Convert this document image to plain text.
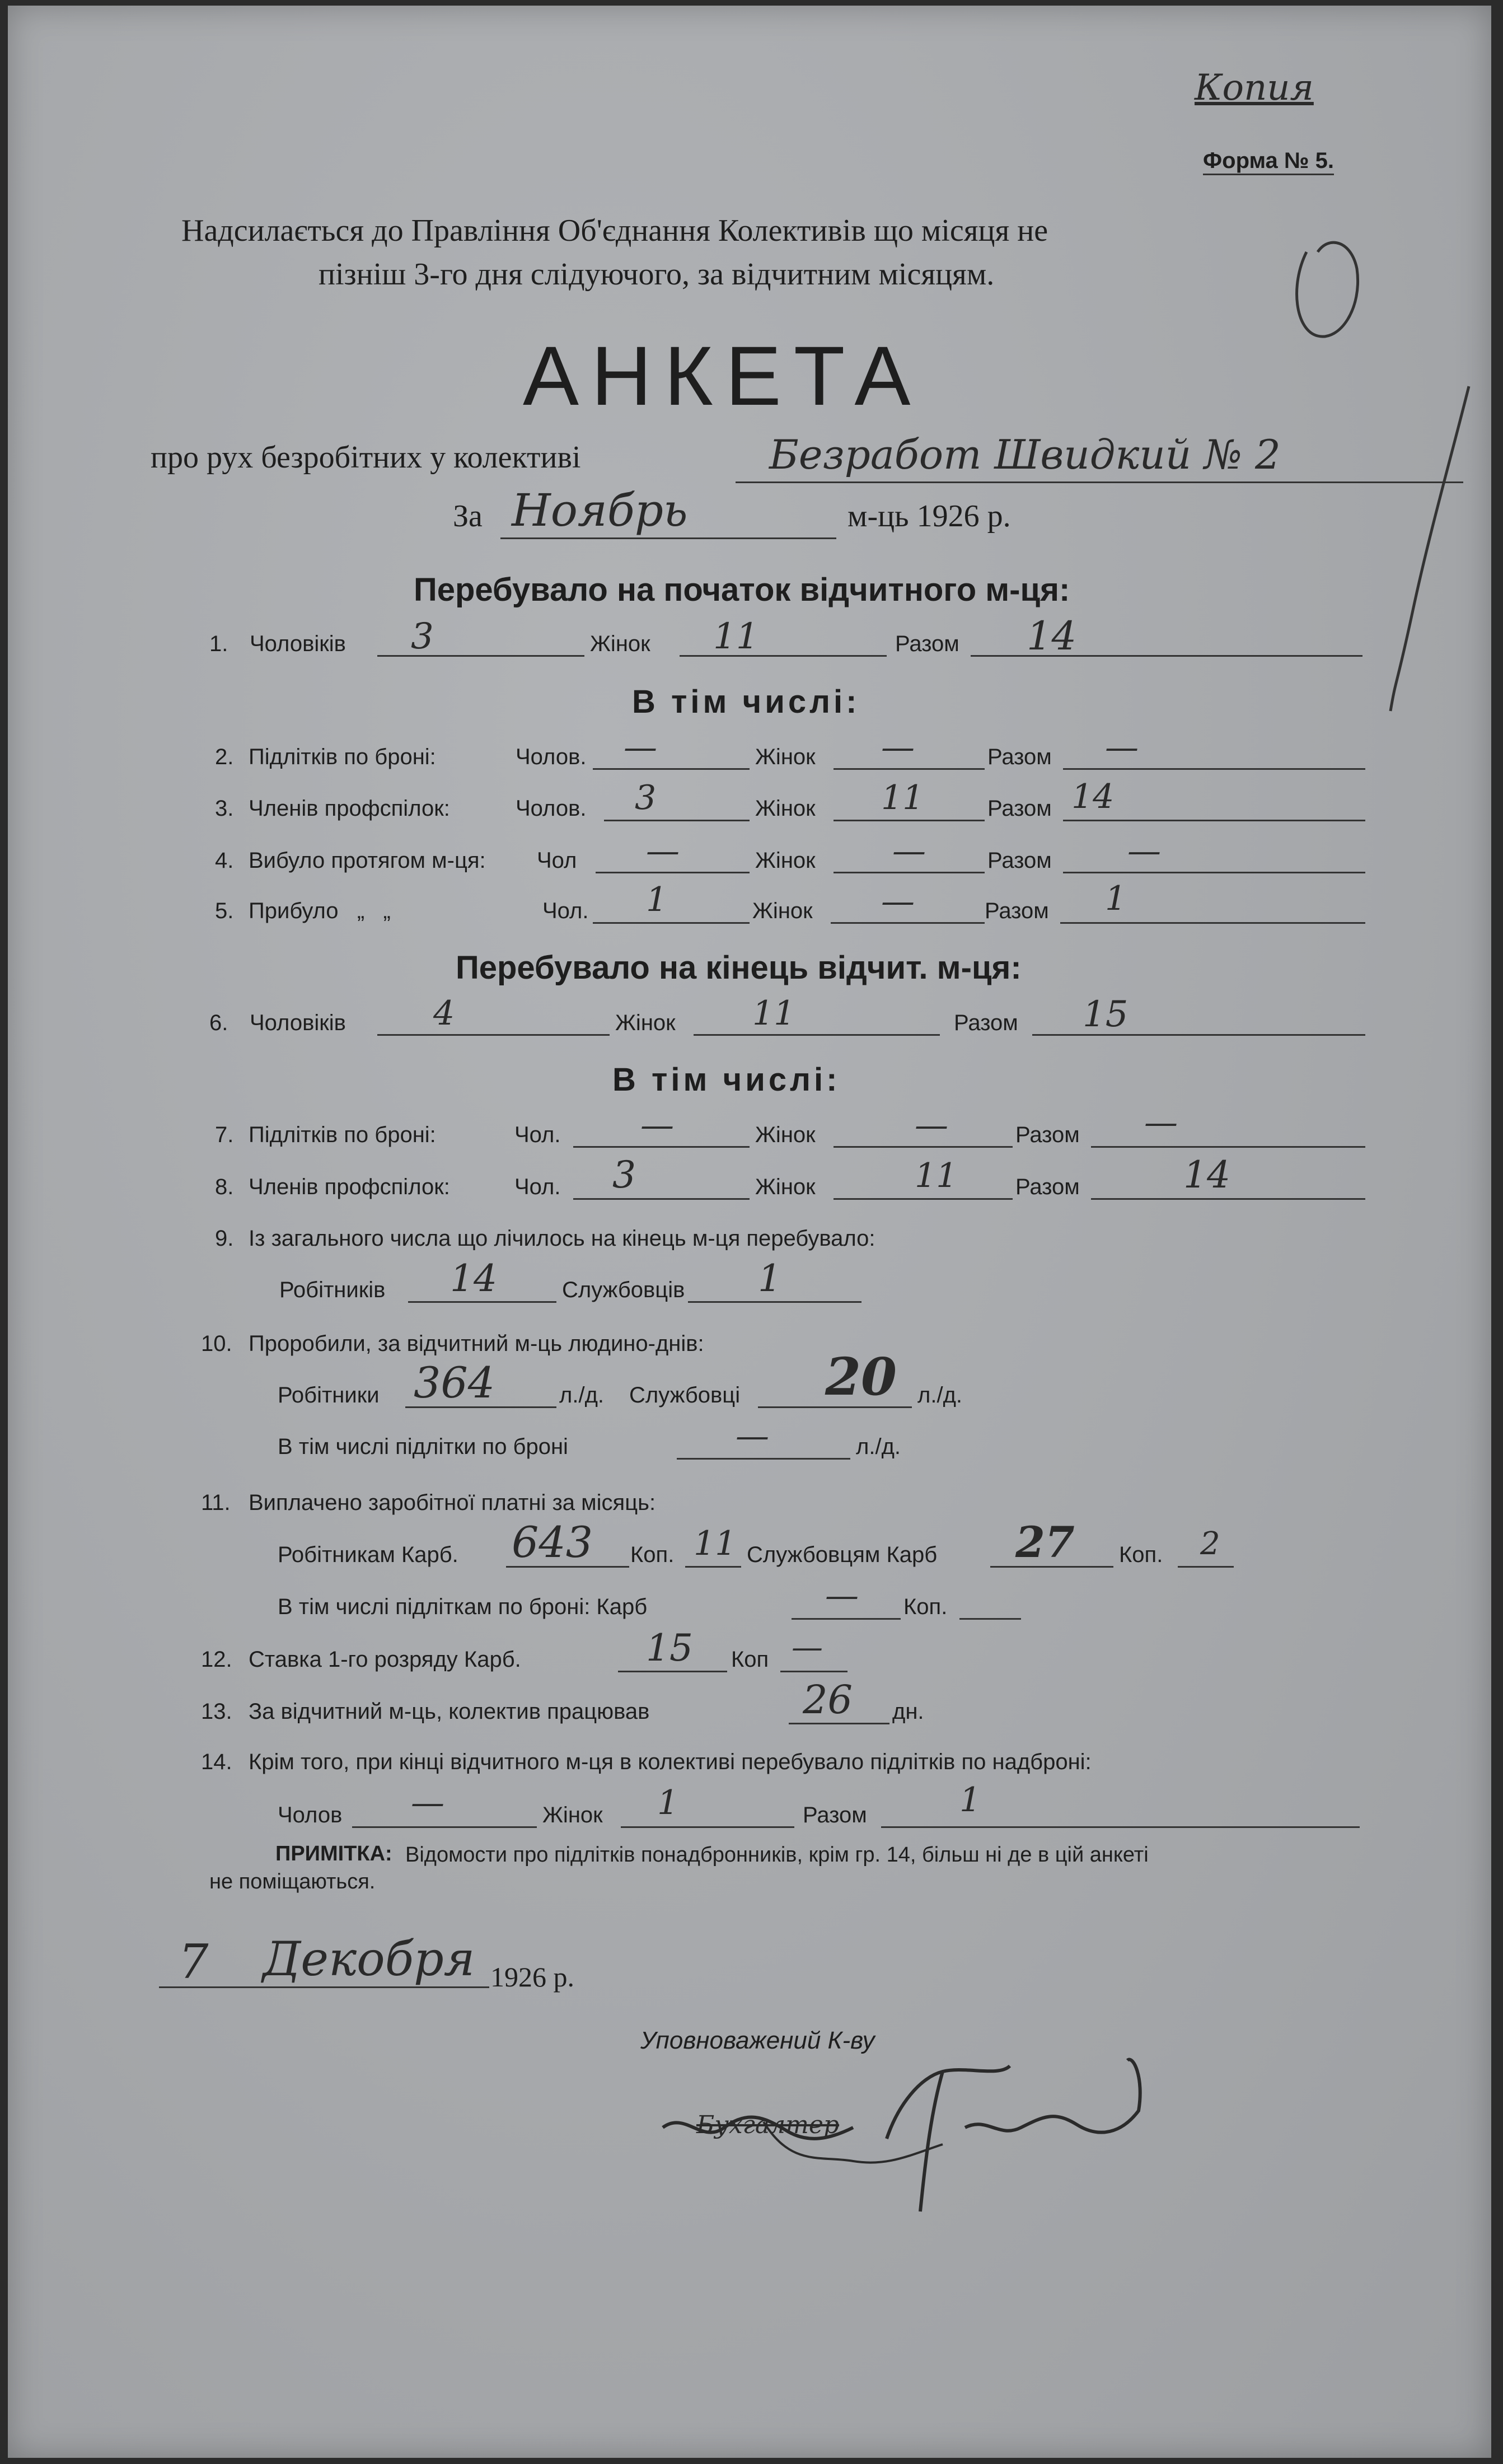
Копия
Форма № 5.
Надсилається до Правління Об'єднання Колективів що місяця не
пізніш 3-го дня слідуючого, за відчитним місяцям.
АНКЕТА
про рух безробітних у колективі	Безработ Швидкий № 2
За Ноябрь	м-ць 1926 р.
Перебувало на початок відчитного м-ця:
1. Чоловіків 3	Жінок 11	Разом 14
В тім числі:
2. Підлітків по броні:	Чолов. —	Жінок —	Разом —
3. Членів профспілок:	Чолов. 3	Жінок 11	Разом 14
4. Вибуло протягом м-ця: Чол —	Жінок —	Разом —
5. Прибуло   „   „	Чол. 1	Жінок —	Разом 1
Перебувало на кінець відчит. м-ця:
6. Чоловіків	4	Жінок 11	Разом 15
В тім числі:
7. Підлітків по броні:	Чол. —	Жінок	—	Разом —
8. Членів профспілок:	Чол. 3	Жінок	11	Разом	14
9. Із загального числа що лічилось на кінець м-ця перебувало:
Робітників 14	Службовців 1
10. Проробили, за відчитний м-ць людино-днів:
Робітники 364	л./д. Службовці 20 л./д.
В тім числі підлітки по броні	—	л./д.
11. Виплачено заробітної платні за місяць:
Робітникам Карб. 643 Коп. 11 Службовцям Карб 27 Коп. 2
В тім числі підліткам по броні: Карб	— Коп.
12. Ставка 1-го розряду Карб.	15 Коп —
13. За відчитний м-ць, колектив працював	26 дн.
14. Крім того, при кінці відчитного м-ця в колективі перебувало підлітків по надброні:
Чолов —	Жінок 1	Разом	1
ПРИМІТКА: Відомости про підлітків понадбронників, крім гр. 14, більш ні де в цій анкеті
не поміщаються.
7 Декобря 1926 р.
Уповноважений К-ву
Бухгалтер
